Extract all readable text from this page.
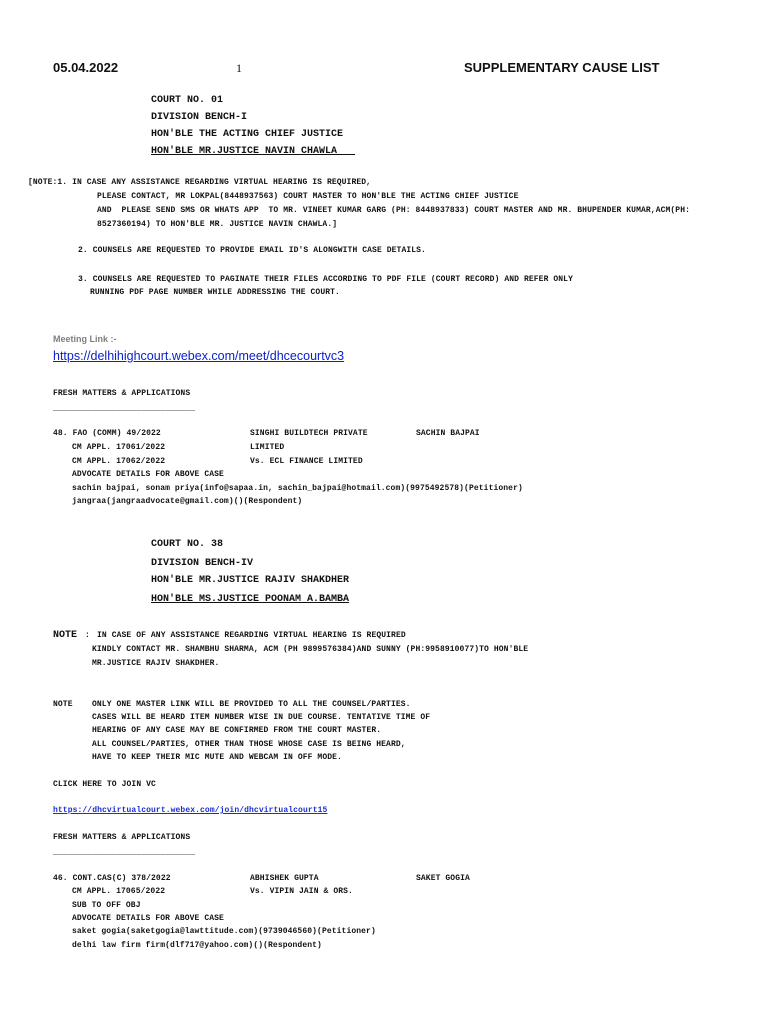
05.04.2022	1	SUPPLEMENTARY CAUSE LIST
COURT NO. 01
DIVISION BENCH-I
HON'BLE THE ACTING CHIEF JUSTICE
HON'BLE MR.JUSTICE NAVIN CHAWLA
[NOTE:1. IN CASE ANY ASSISTANCE REGARDING VIRTUAL HEARING IS REQUIRED,
PLEASE CONTACT, MR LOKPAL(8448937563) COURT MASTER TO HON'BLE THE ACTING CHIEF JUSTICE
AND  PLEASE SEND SMS OR WHATS APP  TO MR. VINEET KUMAR GARG (PH: 8448937833) COURT MASTER AND MR. BHUPENDER KUMAR,ACM(PH:
8527360194) TO HON'BLE MR. JUSTICE NAVIN CHAWLA.]
2. COUNSELS ARE REQUESTED TO PROVIDE EMAIL ID'S ALONGWITH CASE DETAILS.
3. COUNSELS ARE REQUESTED TO PAGINATE THEIR FILES ACCORDING TO PDF FILE (COURT RECORD) AND REFER ONLY
RUNNING PDF PAGE NUMBER WHILE ADDRESSING THE COURT.
Meeting Link :-
https://delhihighcourt.webex.com/meet/dhcecourtvc3
FRESH MATTERS & APPLICATIONS
_____________________________
48. FAO (COMM) 49/2022
CM APPL. 17061/2022
CM APPL. 17062/2022
SINGHI BUILDTECH PRIVATE
LIMITED
Vs. ECL FINANCE LIMITED
SACHIN BAJPAI
ADVOCATE DETAILS FOR ABOVE CASE
sachin bajpai, sonam priya(info@sapaa.in, sachin_bajpai@hotmail.com)(9975492578)(Petitioner)
jangraa(jangraadvocate@gmail.com)()(Respondent)
COURT NO. 38
DIVISION BENCH-IV
HON'BLE MR.JUSTICE RAJIV SHAKDHER
HON'BLE MS.JUSTICE POONAM A.BAMBA
NOTE : IN CASE OF ANY ASSISTANCE REGARDING VIRTUAL HEARING IS REQUIRED
KINDLY CONTACT MR. SHAMBHU SHARMA, ACM (PH 9899576384)AND SUNNY (PH:9958910077)TO HON'BLE
MR.JUSTICE RAJIV SHAKDHER.
NOTE ONLY ONE MASTER LINK WILL BE PROVIDED TO ALL THE COUNSEL/PARTIES.
CASES WILL BE HEARD ITEM NUMBER WISE IN DUE COURSE. TENTATIVE TIME OF
HEARING OF ANY CASE MAY BE CONFIRMED FROM THE COURT MASTER.
ALL COUNSEL/PARTIES, OTHER THAN THOSE WHOSE CASE IS BEING HEARD,
HAVE TO KEEP THEIR MIC MUTE AND WEBCAM IN OFF MODE.
CLICK HERE TO JOIN VC
https://dhcvirtualcourt.webex.com/join/dhcvirtualcourt15
FRESH MATTERS & APPLICATIONS
_____________________________
46. CONT.CAS(C) 378/2022
CM APPL. 17065/2022
ABHISHEK GUPTA
Vs. VIPIN JAIN & ORS.
SAKET GOGIA
SUB TO OFF OBJ
ADVOCATE DETAILS FOR ABOVE CASE
saket gogia(saketgogia@lawttitude.com)(9739046560)(Petitioner)
delhi law firm firm(dlf717@yahoo.com)()(Respondent)
